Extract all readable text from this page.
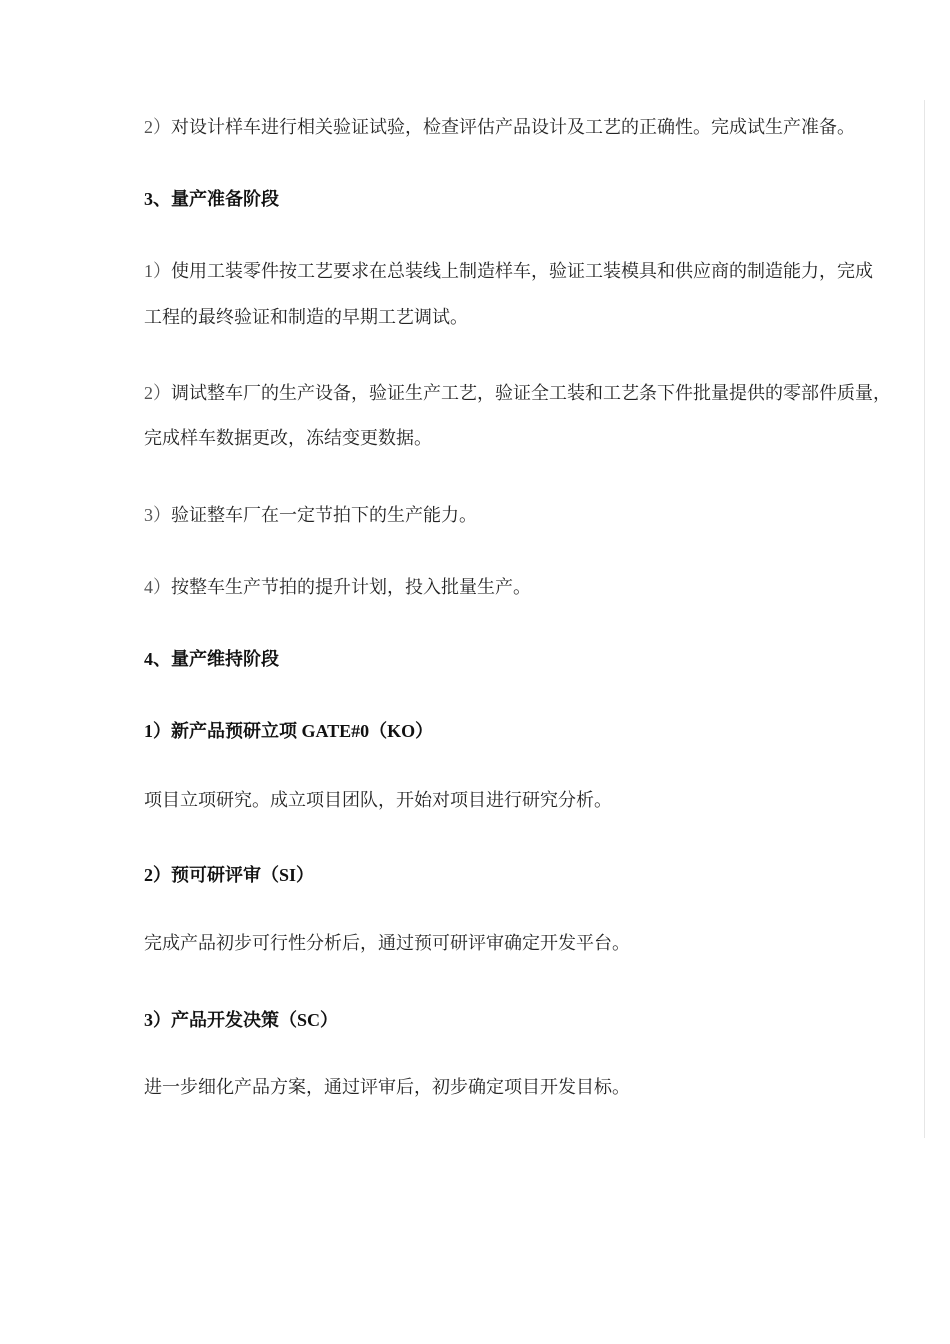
2）对设计样车进行相关验证试验，检查评估产品设计及工艺的正确性。完成试生产准备。
3、量产准备阶段
1）使用工装零件按工艺要求在总装线上制造样车，验证工装模具和供应商的制造能力，完成
工程的最终验证和制造的早期工艺调试。
2）调试整车厂的生产设备，验证生产工艺，验证全工装和工艺条下件批量提供的零部件质量，
完成样车数据更改，冻结变更数据。
3）验证整车厂在一定节拍下的生产能力。
4）按整车生产节拍的提升计划，投入批量生产。
4、量产维持阶段
1）新产品预研立项 GATE#0（KO）
项目立项研究。成立项目团队，开始对项目进行研究分析。
2）预可研评审（SI）
完成产品初步可行性分析后，通过预可研评审确定开发平台。
3）产品开发决策（SC）
进一步细化产品方案，通过评审后，初步确定项目开发目标。
